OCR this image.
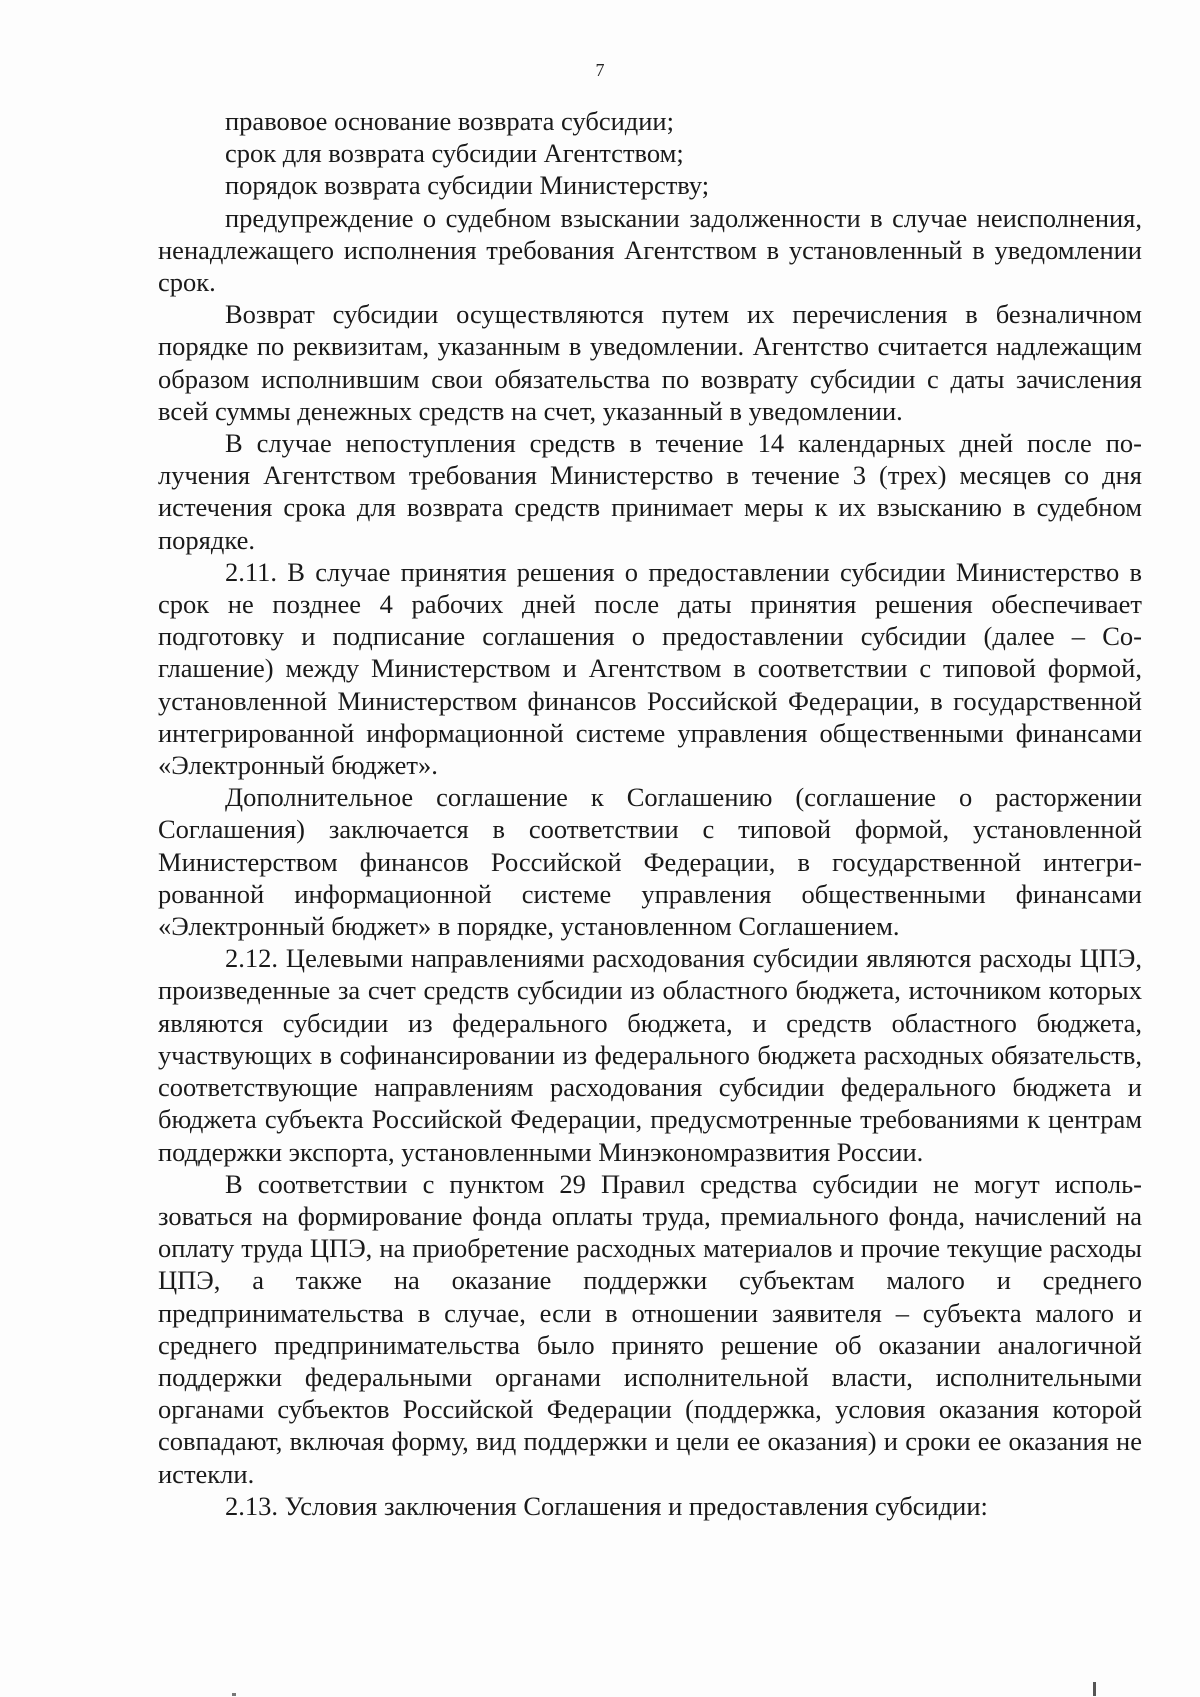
7

правовое основание возврата субсидии;

срок для возврата субсидии Агентством;

порядок возврата субсидии Министерству;

предупреждение о судебном взыскании задолженности в случае неисполнения, ненадлежащего исполнения требования Агентством в установленный в уведомлении срок.

Возврат субсидии осуществляются путем их перечисления в безналичном порядке по реквизитам, указанным в уведомлении. Агентство считается надлежащим образом исполнившим свои обязательства по возврату субсидии с даты зачисления всей суммы денежных средств на счет, указанный в уведомлении.

В случае непоступления средств в течение 14 календарных дней после получения Агентством требования Министерство в течение 3 (трех) месяцев со дня истечения срока для возврата средств принимает меры к их взысканию в судебном порядке.

2.11. В случае принятия решения о предоставлении субсидии Министерство в срок не позднее 4 рабочих дней после даты принятия решения обеспечивает подготовку и подписание соглашения о предоставлении субсидии (далее – Соглашение) между Министерством и Агентством в соответствии с типовой формой, установленной Министерством финансов Российской Федерации, в государственной интегрированной информационной системе управления общественными финансами «Электронный бюджет».

Дополнительное соглашение к Соглашению (соглашение о расторжении Соглашения) заключается в соответствии с типовой формой, установленной Министерством финансов Российской Федерации, в государственной интегрированной информационной системе управления общественными финансами «Электронный бюджет» в порядке, установленном Соглашением.

2.12. Целевыми направлениями расходования субсидии являются расходы ЦПЭ, произведенные за счет средств субсидии из областного бюджета, источником которых являются субсидии из федерального бюджета, и средств областного бюджета, участвующих в софинансировании из федерального бюджета расходных обязательств, соответствующие направлениям расходования субсидии федерального бюджета и бюджета субъекта Российской Федерации, предусмотренные требованиями к центрам поддержки экспорта, установленными Минэкономразвития России.

В соответствии с пунктом 29 Правил средства субсидии не могут использоваться на формирование фонда оплаты труда, премиального фонда, начислений на оплату труда ЦПЭ, на приобретение расходных материалов и прочие текущие расходы ЦПЭ, а также на оказание поддержки субъектам малого и среднего предпринимательства в случае, если в отношении заявителя – субъекта малого и среднего предпринимательства было принято решение об оказании аналогичной поддержки федеральными органами исполнительной власти, исполнительными органами субъектов Российской Федерации (поддержка, условия оказания которой совпадают, включая форму, вид поддержки и цели ее оказания) и сроки ее оказания не истекли.

2.13. Условия заключения Соглашения и предоставления субсидии:
